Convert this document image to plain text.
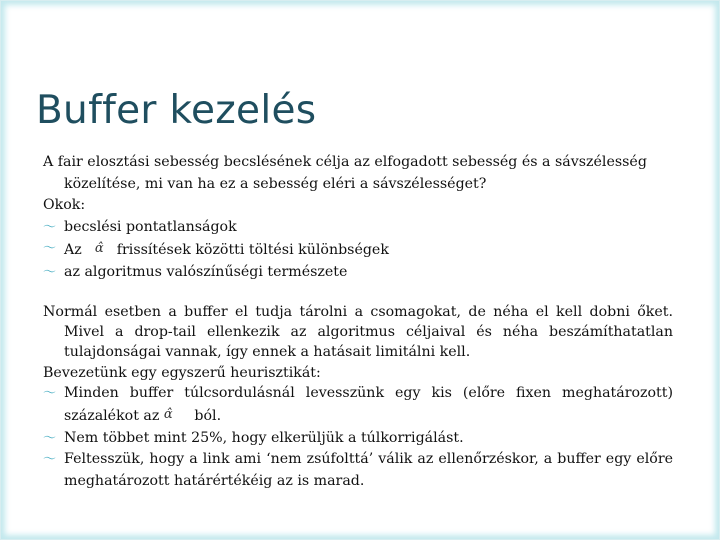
Buffer kezelés

A fair elosztási sebesség becslésének célja az elfogadott sebesség és a sávszélesség közelítése, mi van ha ez a sebesség eléri a sávszélességet?

Okok:

〜 becslési pontatlanságok
〜 Az α̂ frissítések közötti töltési különbségek
〜 az algoritmus valószínűségi természete

Normál esetben a buffer el tudja tárolni a csomagokat, de néha el kell dobni őket. Mivel a drop-tail ellenkezik az algoritmus céljaival és néha beszámíthatatlan tulajdonságai vannak, így ennek a hatásait limitálni kell.

Bevezetünk egy egyszerű heurisztikát:

〜 Minden buffer túlcsordulásnál levesszünk egy kis (előre fixen meghatározott) százalékot az α̂ ból.
〜 Nem többet mint 25%, hogy elkerüljük a túlkorrigálást.
〜 Feltesszük, hogy a link ami ‘nem zsúfolttá’ válik az ellenőrzéskor, a buffer egy előre meghatározott határértékéig az is marad.
